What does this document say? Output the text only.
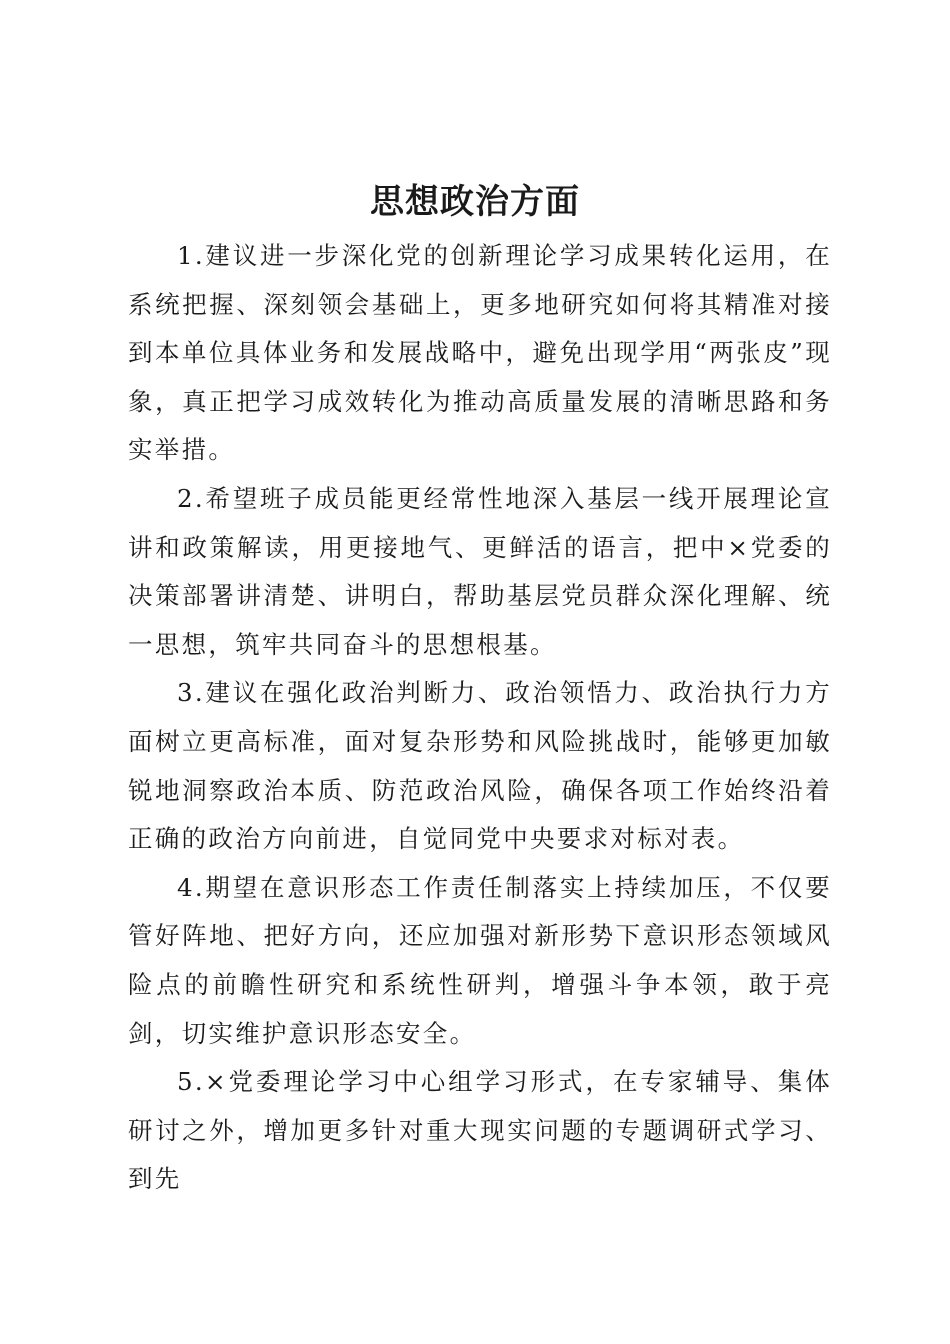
思想政治方面

1.建议进一步深化党的创新理论学习成果转化运用，在系统把握、深刻领会基础上，更多地研究如何将其精准对接到本单位具体业务和发展战略中，避免出现学用“两张皮”现象，真正把学习成效转化为推动高质量发展的清晰思路和务实举措。

2.希望班子成员能更经常性地深入基层一线开展理论宣讲和政策解读，用更接地气、更鲜活的语言，把中×党委的决策部署讲清楚、讲明白，帮助基层党员群众深化理解、统一思想，筑牢共同奋斗的思想根基。

3.建议在强化政治判断力、政治领悟力、政治执行力方面树立更高标准，面对复杂形势和风险挑战时，能够更加敏锐地洞察政治本质、防范政治风险，确保各项工作始终沿着正确的政治方向前进，自觉同党中央要求对标对表。

4.期望在意识形态工作责任制落实上持续加压，不仅要管好阵地、把好方向，还应加强对新形势下意识形态领域风险点的前瞻性研究和系统性研判，增强斗争本领，敢于亮剑，切实维护意识形态安全。

5.×党委理论学习中心组学习形式，在专家辅导、集体研讨之外，增加更多针对重大现实问题的专题调研式学习、到先
